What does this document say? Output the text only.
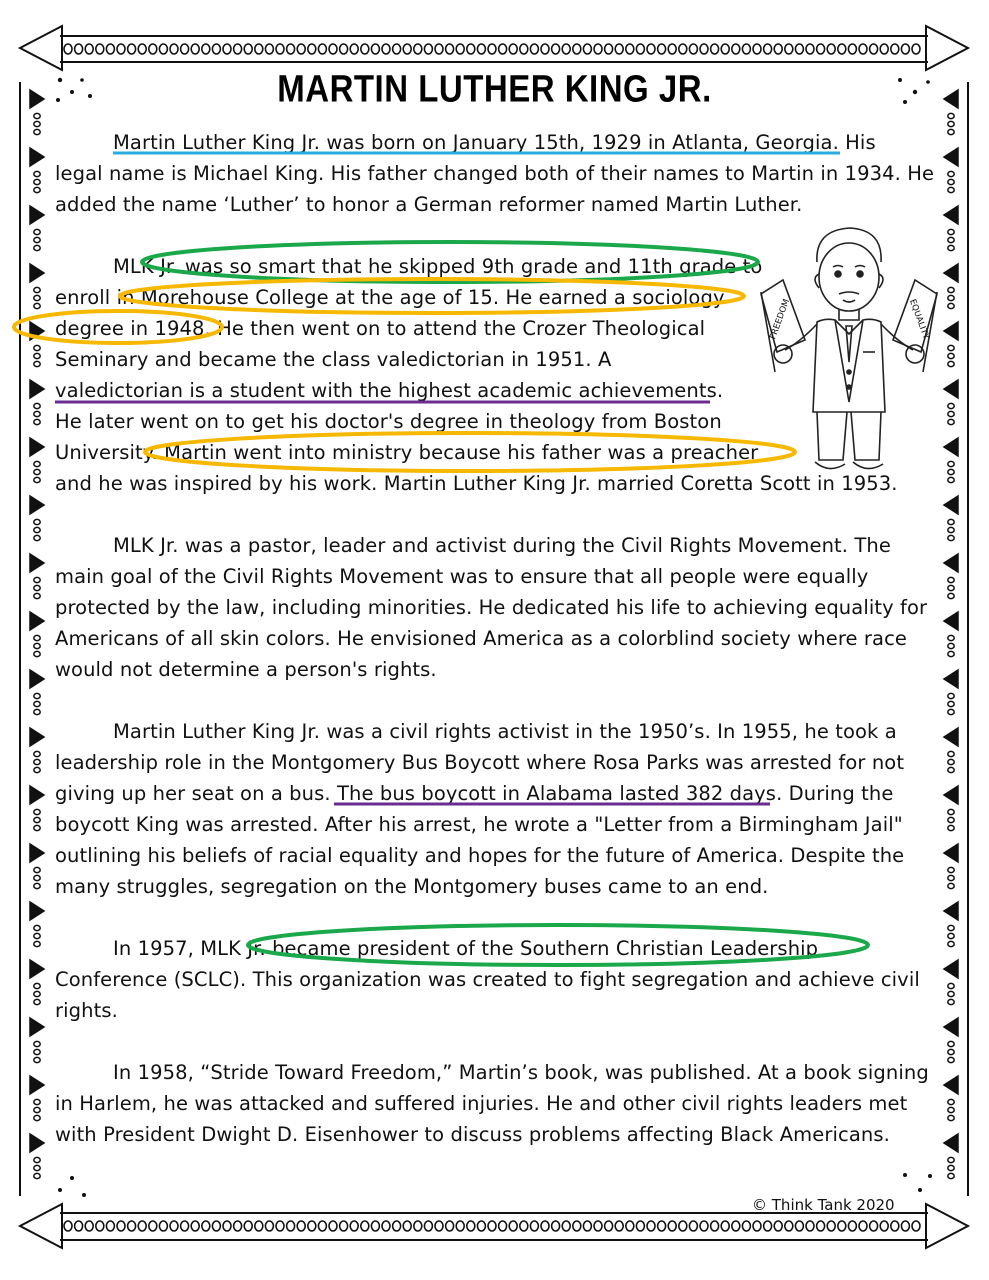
MARTIN LUTHER KING JR.
Martin Luther King Jr. was born on January 15th, 1929 in Atlanta, Georgia. His
legal name is Michael King. His father changed both of their names to Martin in 1934. He
added the name ‘Luther’ to honor a German reformer named Martin Luther.
MLK Jr. was so smart that he skipped 9th grade and 11th grade to
enroll in Morehouse College at the age of 15. He earned a sociology
degree in 1948. He then went on to attend the Crozer Theological
Seminary and became the class valedictorian in 1951. A
valedictorian is a student with the highest academic achievements.
He later went on to get his doctor's degree in theology from Boston
University. Martin went into ministry because his father was a preacher
and he was inspired by his work. Martin Luther King Jr. married Coretta Scott in 1953.
MLK Jr. was a pastor, leader and activist during the Civil Rights Movement. The
main goal of the Civil Rights Movement was to ensure that all people were equally
protected by the law, including minorities. He dedicated his life to achieving equality for
Americans of all skin colors. He envisioned America as a colorblind society where race
would not determine a person's rights.
Martin Luther King Jr. was a civil rights activist in the 1950’s. In 1955, he took a
leadership role in the Montgomery Bus Boycott where Rosa Parks was arrested for not
giving up her seat on a bus. The bus boycott in Alabama lasted 382 days. During the
boycott King was arrested. After his arrest, he wrote a "Letter from a Birmingham Jail"
outlining his beliefs of racial equality and hopes for the future of America. Despite the
many struggles, segregation on the Montgomery buses came to an end.
In 1957, MLK Jr. became president of the Southern Christian Leadership
Conference (SCLC). This organization was created to fight segregation and achieve civil
rights.
In 1958, “Stride Toward Freedom,” Martin’s book, was published. At a book signing
in Harlem, he was attacked and suffered injuries. He and other civil rights leaders met
with President Dwight D. Eisenhower to discuss problems affecting Black Americans.
FREEDOM	EQUALITY
© Think Tank 2020
